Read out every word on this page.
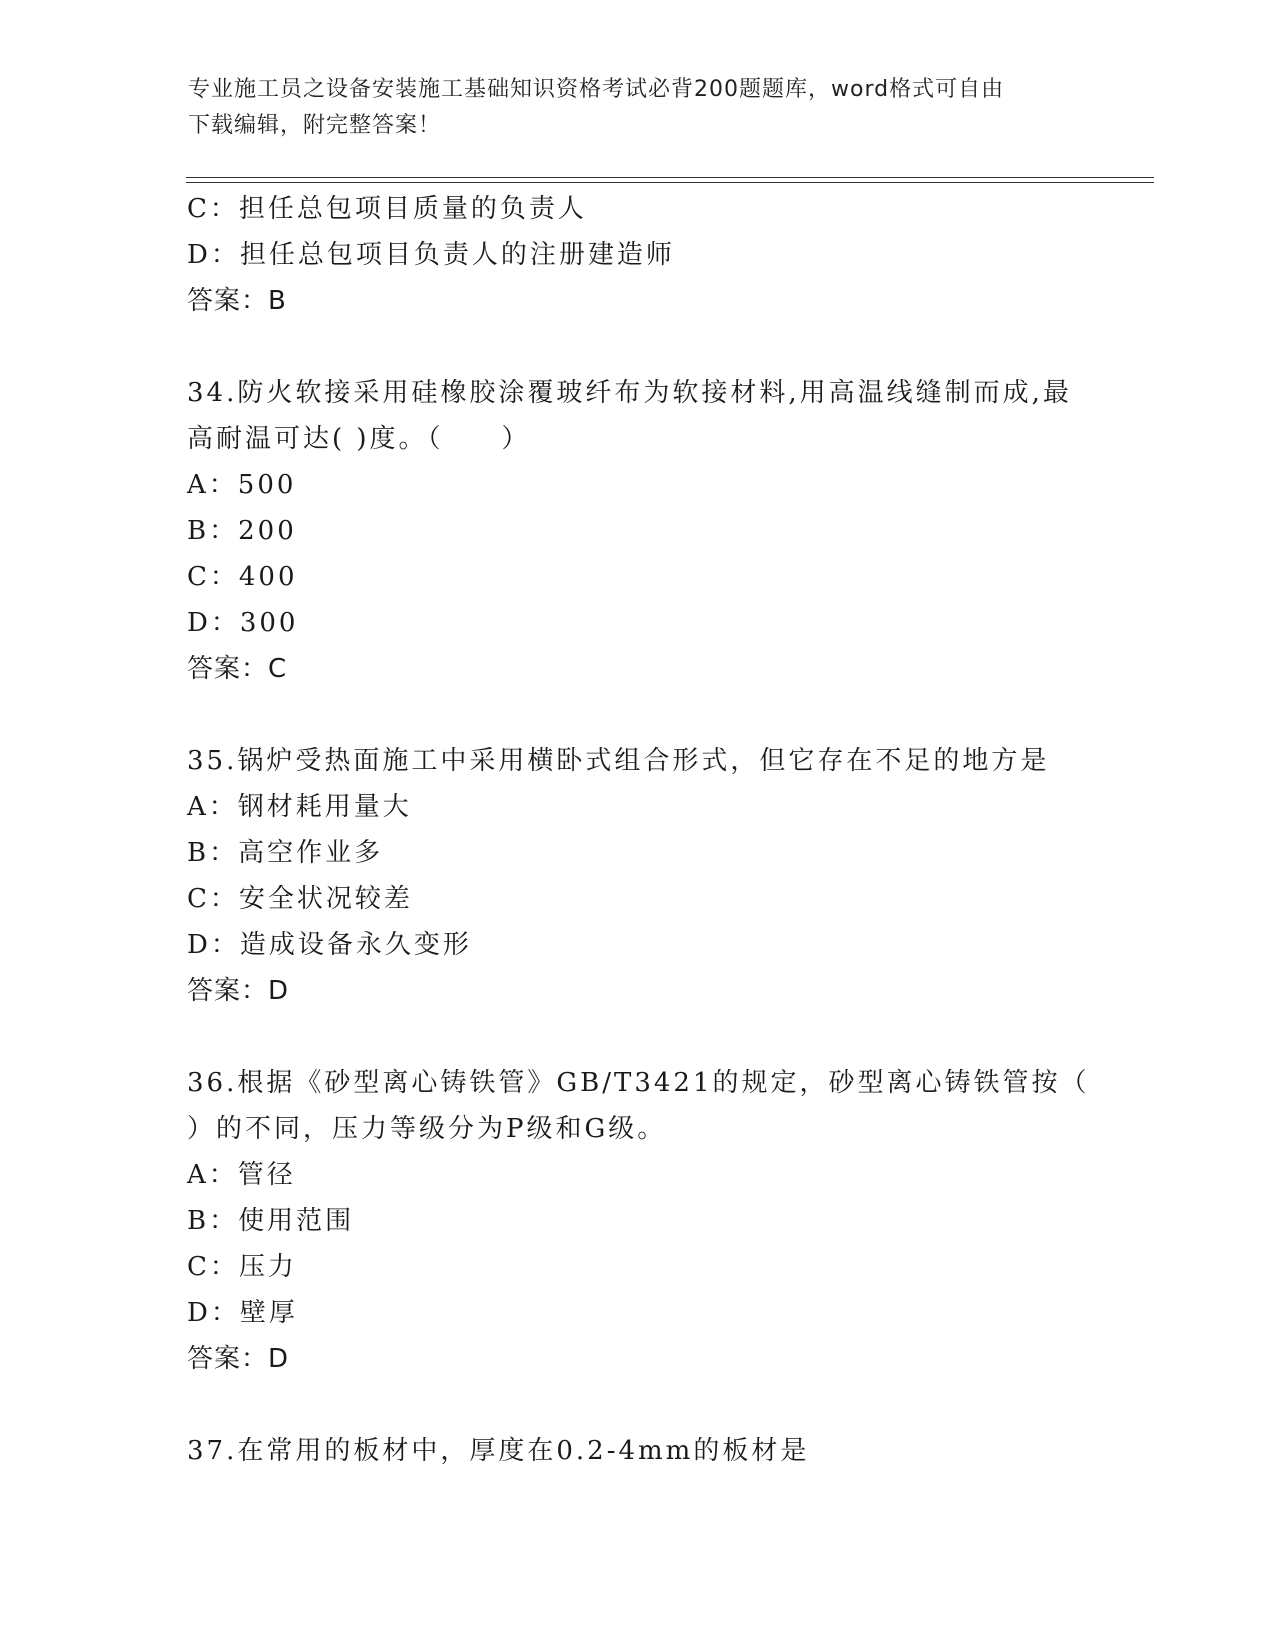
专业施工员之设备安装施工基础知识资格考试必背200题题库，word格式可自由
下载编辑，附完整答案！
C：担任总包项目质量的负责人
D：担任总包项目负责人的注册建造师
答案：B
34.防火软接采用硅橡胶涂覆玻纤布为软接材料,用高温线缝制而成,最
高耐温可达( )度。（　　）
A：500
B：200
C：400
D：300
答案：C
35.锅炉受热面施工中采用横卧式组合形式，但它存在不足的地方是
A：钢材耗用量大
B：高空作业多
C：安全状况较差
D：造成设备永久变形
答案：D
36.根据《砂型离心铸铁管》GB/T3421的规定，砂型离心铸铁管按（
）的不同，压力等级分为P级和G级。
A：管径
B：使用范围
C：压力
D：壁厚
答案：D
37.在常用的板材中，厚度在0.2-4mm的板材是
